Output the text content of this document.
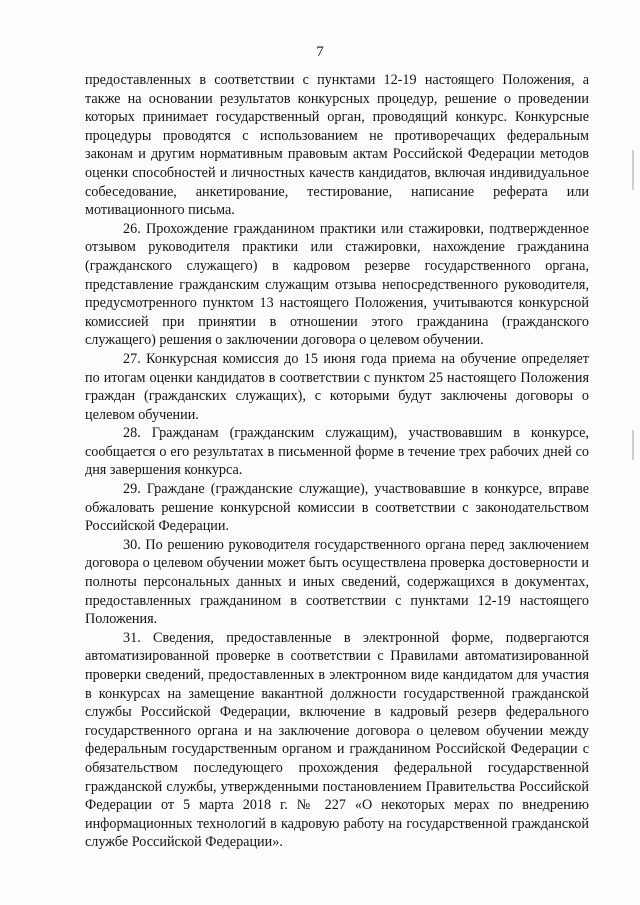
7

предоставленных в соответствии с пунктами 12-19 настоящего Положения, а также на основании результатов конкурсных процедур, решение о проведении которых принимает государственный орган, проводящий конкурс. Конкурсные процедуры проводятся с использованием не противоречащих федеральным законам и другим нормативным правовым актам Российской Федерации методов оценки способностей и личностных качеств кандидатов, включая индивидуальное собеседование, анкетирование, тестирование, написание реферата или мотивационного письма.

26. Прохождение гражданином практики или стажировки, подтвержденное отзывом руководителя практики или стажировки, нахождение гражданина (гражданского служащего) в кадровом резерве государственного органа, представление гражданским служащим отзыва непосредственного руководителя, предусмотренного пунктом 13 настоящего Положения, учитываются конкурсной комиссией при принятии в отношении этого гражданина (гражданского служащего) решения о заключении договора о целевом обучении.

27. Конкурсная комиссия до 15 июня года приема на обучение определяет по итогам оценки кандидатов в соответствии с пунктом 25 настоящего Положения граждан (гражданских служащих), с которыми будут заключены договоры о целевом обучении.

28. Гражданам (гражданским служащим), участвовавшим в конкурсе, сообщается о его результатах в письменной форме в течение трех рабочих дней со дня завершения конкурса.

29. Граждане (гражданские служащие), участвовавшие в конкурсе, вправе обжаловать решение конкурсной комиссии в соответствии с законодательством Российской Федерации.

30. По решению руководителя государственного органа перед заключением договора о целевом обучении может быть осуществлена проверка достоверности и полноты персональных данных и иных сведений, содержащихся в документах, предоставленных гражданином в соответствии с пунктами 12-19 настоящего Положения.

31. Сведения, предоставленные в электронной форме, подвергаются автоматизированной проверке в соответствии с Правилами автоматизированной проверки сведений, предоставленных в электронном виде кандидатом для участия в конкурсах на замещение вакантной должности государственной гражданской службы Российской Федерации, включение в кадровый резерв федерального государственного органа и на заключение договора о целевом обучении между федеральным государственным органом и гражданином Российской Федерации с обязательством последующего прохождения федеральной государственной гражданской службы, утвержденными постановлением Правительства Российской Федерации от 5 марта 2018 г. № 227 «О некоторых мерах по внедрению информационных технологий в кадровую работу на государственной гражданской службе Российской Федерации».
